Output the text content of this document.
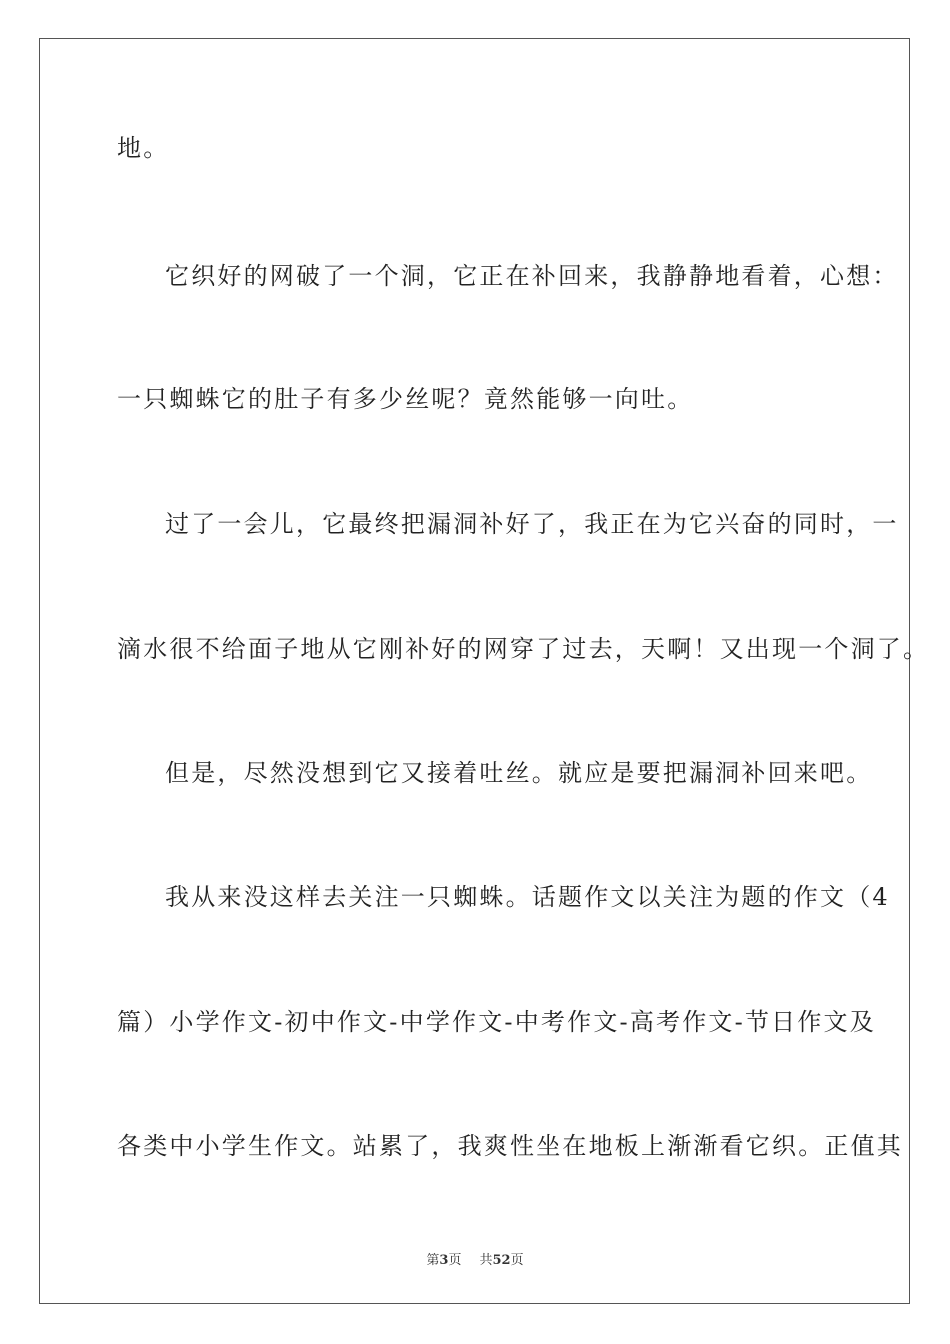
地。
它织好的网破了一个洞，它正在补回来，我静静地看着，心想：
一只蜘蛛它的肚子有多少丝呢？竟然能够一向吐。
过了一会儿，它最终把漏洞补好了，我正在为它兴奋的同时，一
滴水很不给面子地从它刚补好的网穿了过去，天啊！又出现一个洞了。
但是，尽然没想到它又接着吐丝。就应是要把漏洞补回来吧。
我从来没这样去关注一只蜘蛛。话题作文以关注为题的作文（4
篇）小学作文-初中作文-中学作文-中考作文-高考作文-节日作文及
各类中小学生作文。站累了，我爽性坐在地板上渐渐看它织。正值其
第3页 共52页
